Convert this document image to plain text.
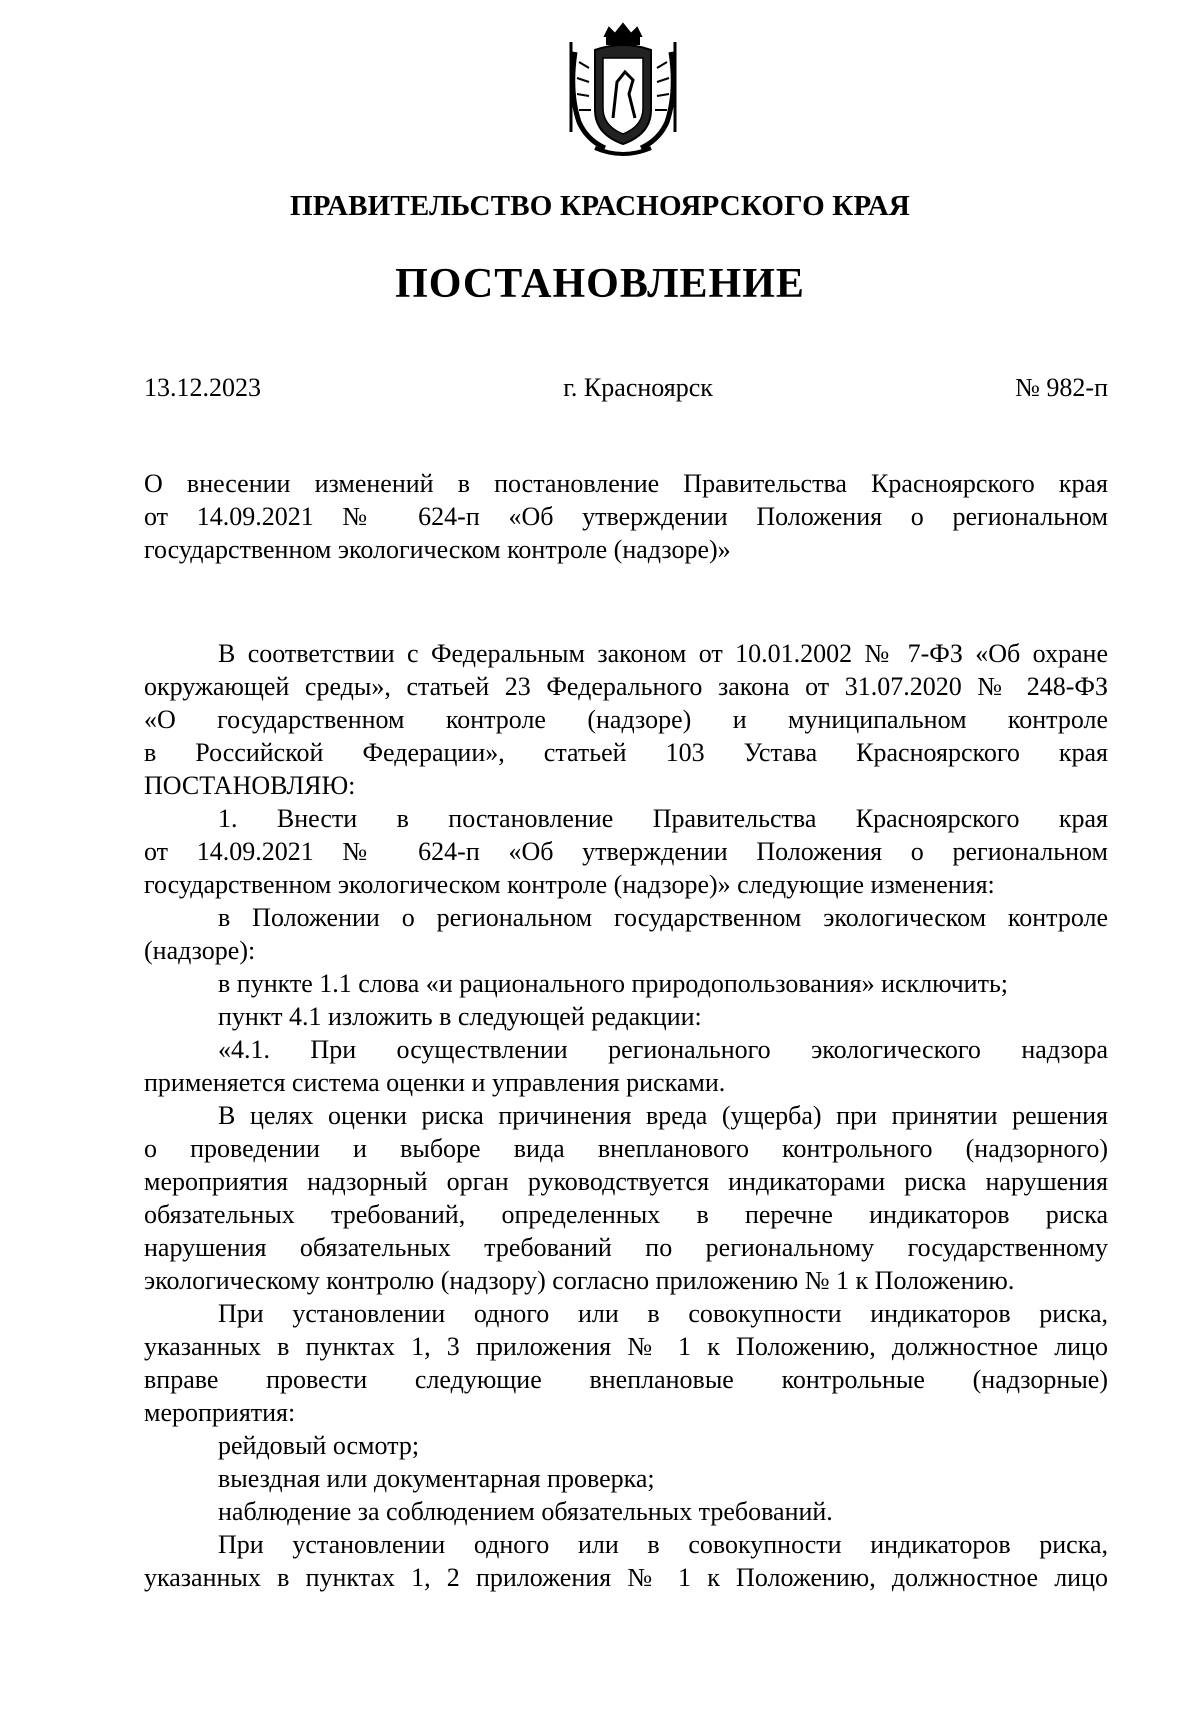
ПРАВИТЕЛЬСТВО КРАСНОЯРСКОГО КРАЯ
ПОСТАНОВЛЕНИЕ
13.12.2023	г. Красноярск	№ 982-п
О внесении изменений в постановление Правительства Красноярского края
от 14.09.2021 № 624-п «Об утверждении Положения о региональном
государственном экологическом контроле (надзоре)»

В соответствии с Федеральным законом от 10.01.2002 № 7-ФЗ «Об охране
окружающей среды», статьей 23 Федерального закона от 31.07.2020 № 248-ФЗ
«О государственном контроле (надзоре) и муниципальном контроле
в Российской Федерации», статьей 103 Устава Красноярского края
ПОСТАНОВЛЯЮ:

1. Внести в постановление Правительства Красноярского края
от 14.09.2021 № 624-п «Об утверждении Положения о региональном
государственном экологическом контроле (надзоре)» следующие изменения:

в Положении о региональном государственном экологическом контроле
(надзоре):

в пункте 1.1 слова «и рационального природопользования» исключить;

пункт 4.1 изложить в следующей редакции:

«4.1. При осуществлении регионального экологического надзора
применяется система оценки и управления рисками.

В целях оценки риска причинения вреда (ущерба) при принятии решения
о проведении и выборе вида внепланового контрольного (надзорного)
мероприятия надзорный орган руководствуется индикаторами риска нарушения
обязательных требований, определенных в перечне индикаторов риска
нарушения обязательных требований по региональному государственному
экологическому контролю (надзору) согласно приложению № 1 к Положению.

При установлении одного или в совокупности индикаторов риска,
указанных в пунктах 1, 3 приложения № 1 к Положению, должностное лицо
вправе провести следующие внеплановые контрольные (надзорные)
мероприятия:

рейдовый осмотр;

выездная или документарная проверка;

наблюдение за соблюдением обязательных требований.

При установлении одного или в совокупности индикаторов риска,
указанных в пунктах 1, 2 приложения № 1 к Положению, должностное лицо
